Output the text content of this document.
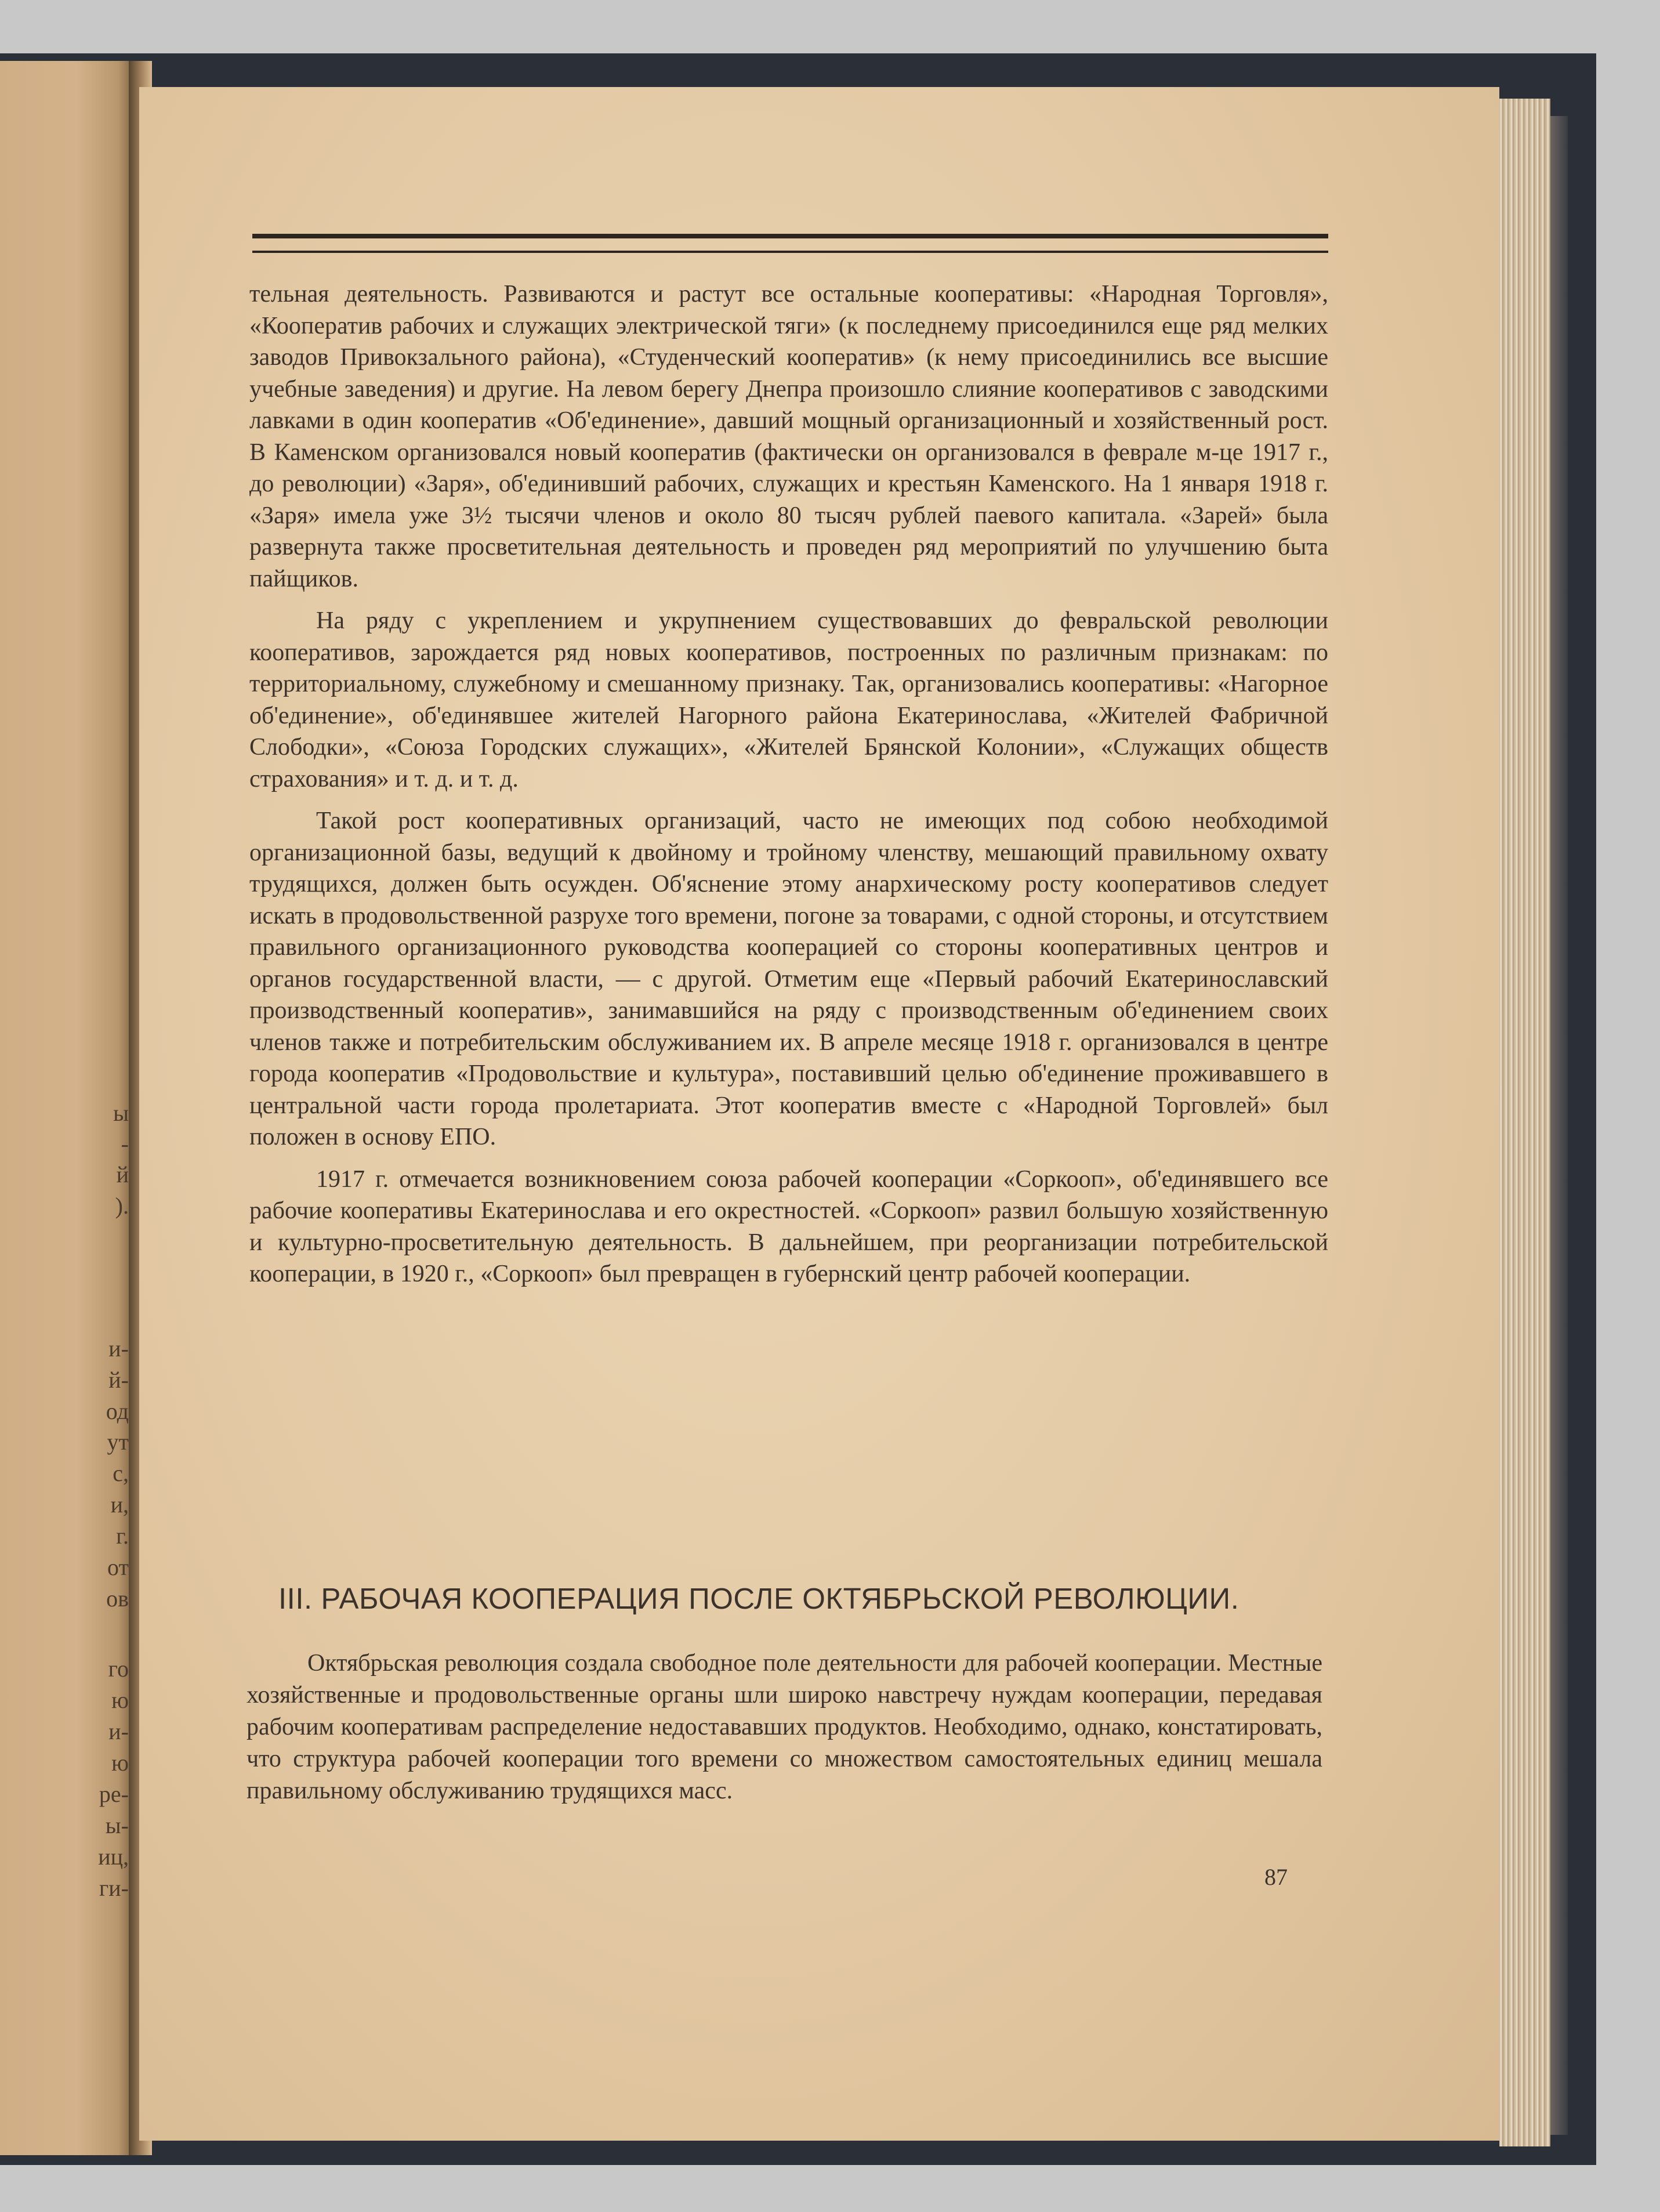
ы
-
й
).
и-
й-
од
ут
с,
и,
г.
от
ов
го
ю
и-
ю
ре-
ы-
иц,
ги-

тельная деятельность. Развиваются и растут все остальные кооперативы: «Народная Торговля», «Кооператив рабочих и служащих электрической тяги» (к последнему присоединился еще ряд мелких заводов Привокзального района), «Студенческий кооператив» (к нему присоединились все высшие учебные заведения) и другие. На левом берегу Днепра произошло слияние кооперативов с заводскими лавками в один кооператив «Об'единение», давший мощный организационный и хозяйственный рост. В Каменском организовался новый кооператив (фактически он организовался в феврале м-це 1917 г., до революции) «Заря», об'единивший рабочих, служащих и крестьян Каменского. На 1 января 1918 г. «Заря» имела уже 3½ тысячи членов и около 80 тысяч рублей паевого капитала. «Зарей» была развернута также просветительная деятельность и проведен ряд мероприятий по улучшению быта пайщиков.

На ряду с укреплением и укрупнением существовавших до февральской революции кооперативов, зарождается ряд новых кооперативов, построенных по различным признакам: по территориальному, служебному и смешанному признаку. Так, организовались кооперативы: «Нагорное об'единение», об'единявшее жителей Нагорного района Екатеринослава, «Жителей Фабричной Слободки», «Союза Городских служащих», «Жителей Брянской Колонии», «Служащих обществ страхования» и т. д. и т. д.

Такой рост кооперативных организаций, часто не имеющих под собою необходимой организационной базы, ведущий к двойному и тройному членству, мешающий правильному охвату трудящихся, должен быть осужден. Об'яснение этому анархическому росту кооперативов следует искать в продовольственной разрухе того времени, погоне за товарами, с одной стороны, и отсутствием правильного организационного руководства кооперацией со стороны кооперативных центров и органов государственной власти, — с другой. Отметим еще «Первый рабочий Екатеринославский производственный кооператив», занимавшийся на ряду с производственным об'единением своих членов также и потребительским обслуживанием их. В апреле месяце 1918 г. организовался в центре города кооператив «Продовольствие и культура», поставивший целью об'единение проживавшего в центральной части города пролетариата. Этот кооператив вместе с «Народной Торговлей» был положен в основу ЕПО.

1917 г. отмечается возникновением союза рабочей кооперации «Соркооп», об'единявшего все рабочие кооперативы Екатеринослава и его окрестностей. «Соркооп» развил большую хозяйственную и культурно-просветительную деятельность. В дальнейшем, при реорганизации потребительской кооперации, в 1920 г., «Соркооп» был превращен в губернский центр рабочей кооперации.

III. РАБОЧАЯ КООПЕРАЦИЯ ПОСЛЕ ОКТЯБРЬСКОЙ РЕВОЛЮЦИИ.

Октябрьская революция создала свободное поле деятельности для рабочей кооперации. Местные хозяйственные и продовольственные органы шли широко навстречу нуждам кооперации, передавая рабочим кооперативам распределение недостававших продуктов. Необходимо, однако, констатировать, что структура рабочей кооперации того времени со множеством самостоятельных единиц мешала правильному обслуживанию трудящихся масс.

87
